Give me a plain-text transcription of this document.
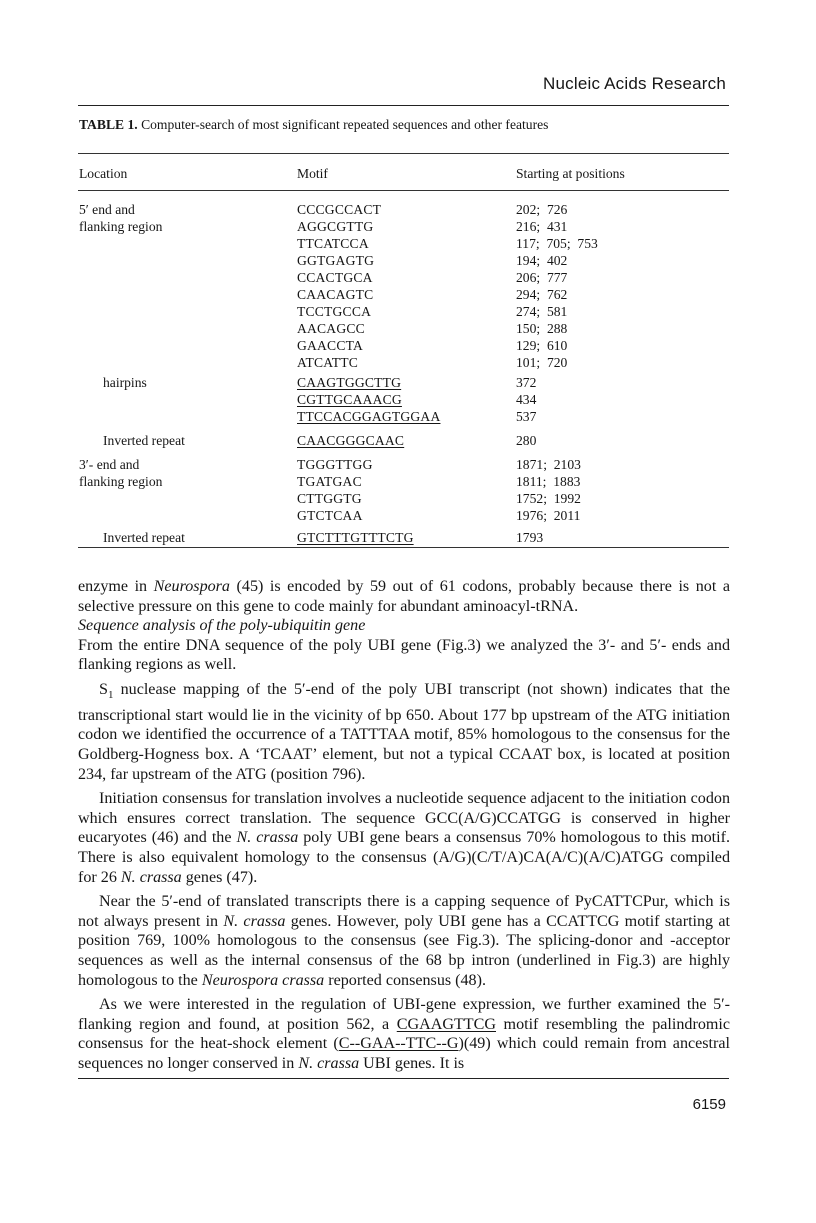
Nucleic Acids Research
TABLE 1. Computer-search of most significant repeated sequences and other features
Location	Motif	Starting at positions
5′ end and	CCCGCCACT	202; 726
flanking region	AGGCGTTG	216; 431
TTCATCCA	117; 705; 753
GGTGAGTG	194; 402
CCACTGCA	206; 777
CAACAGTC	294; 762
TCCTGCCA	274; 581
AACAGCC	150; 288
GAACCTA	129; 610
ATCATTC	101; 720
hairpins	CAAGTGGCTTG	372
CGTTGCAAACG	434
TTCCACGGAGTGGAA	537
Inverted repeat	CAACGGGCAAC	280
3′- end and	TGGGTTGG	1871; 2103
flanking region	TGATGAC	1811; 1883
CTTGGTG	1752; 1992
GTCTCAA	1976; 2011
Inverted repeat	GTCTTTGTTTCTG	1793

enzyme in Neurospora (45) is encoded by 59 out of 61 codons, probably because there is not a selective pressure on this gene to code mainly for abundant aminoacyl-tRNA.

Sequence analysis of the poly-ubiquitin gene

From the entire DNA sequence of the poly UBI gene (Fig.3) we analyzed the 3′- and 5′- ends and flanking regions as well.

$S_1$ nuclease mapping of the 5′-end of the poly UBI transcript (not shown) indicates that the transcriptional start would lie in the vicinity of bp 650. About 177 bp upstream of the ATG initiation codon we identified the occurrence of a TATTTAA motif, 85% homologous to the consensus for the Goldberg-Hogness box. A ‘TCAAT’ element, but not a typical CCAAT box, is located at position 234, far upstream of the ATG (position 796).

Initiation consensus for translation involves a nucleotide sequence adjacent to the initiation codon which ensures correct translation. The sequence GCC(A/G)CCATGG is conserved in higher eucaryotes (46) and the N. crassa poly UBI gene bears a consensus 70% homologous to this motif. There is also equivalent homology to the consensus (A/G)(C/T/A)CA(A/C)(A/C)ATGG compiled for 26 N. crassa genes (47).

Near the 5′-end of translated transcripts there is a capping sequence of PyCATTCPur, which is not always present in N. crassa genes. However, poly UBI gene has a CCATTCG motif starting at position 769, 100% homologous to the consensus (see Fig.3). The splicing-donor and -acceptor sequences as well as the internal consensus of the 68 bp intron (underlined in Fig.3) are highly homologous to the Neurospora crassa reported consensus (48).

As we were interested in the regulation of UBI-gene expression, we further examined the 5′-flanking region and found, at position 562, a CGAAGTTCG motif resembling the palindromic consensus for the heat-shock element (C--GAA--TTC--G)(49) which could remain from ancestral sequences no longer conserved in N. crassa UBI genes. It is

6159
